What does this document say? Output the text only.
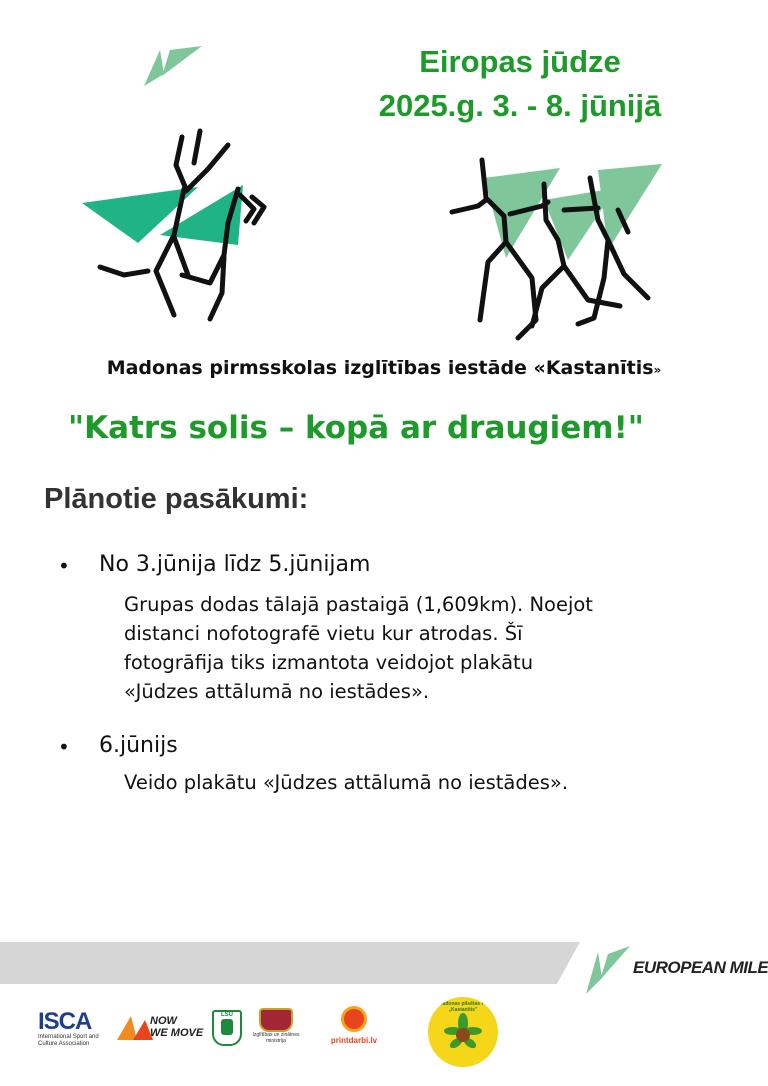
Eiropas jūdze
2025.g. 3. - 8. jūnijā
Madonas pirmsskolas izglītības iestāde «Kastanītis»
"Katrs solis – kopā ar draugiem!"
Plānotie pasākumi:
• No 3.jūnija līdz 5.jūnijam
Grupas dodas tālajā pastaigā (1,609km). Noejot
distanci nofotografē vietu kur atrodas. Šī
fotogrāfija tiks izmantota veidojot plakātu
«Jūdzes attālumā no iestādes».
• 6.jūnijs
Veido plakātu «Jūdzes attālumā no iestādes».
EUROPEAN MILE
ISCA
International Sport and
Culture Association
NOW
WE MOVE
LSU
Izglītības un zinātnes
ministrija	printdarbi.lv
Madonas pilsētas PII „Kastanītis”
